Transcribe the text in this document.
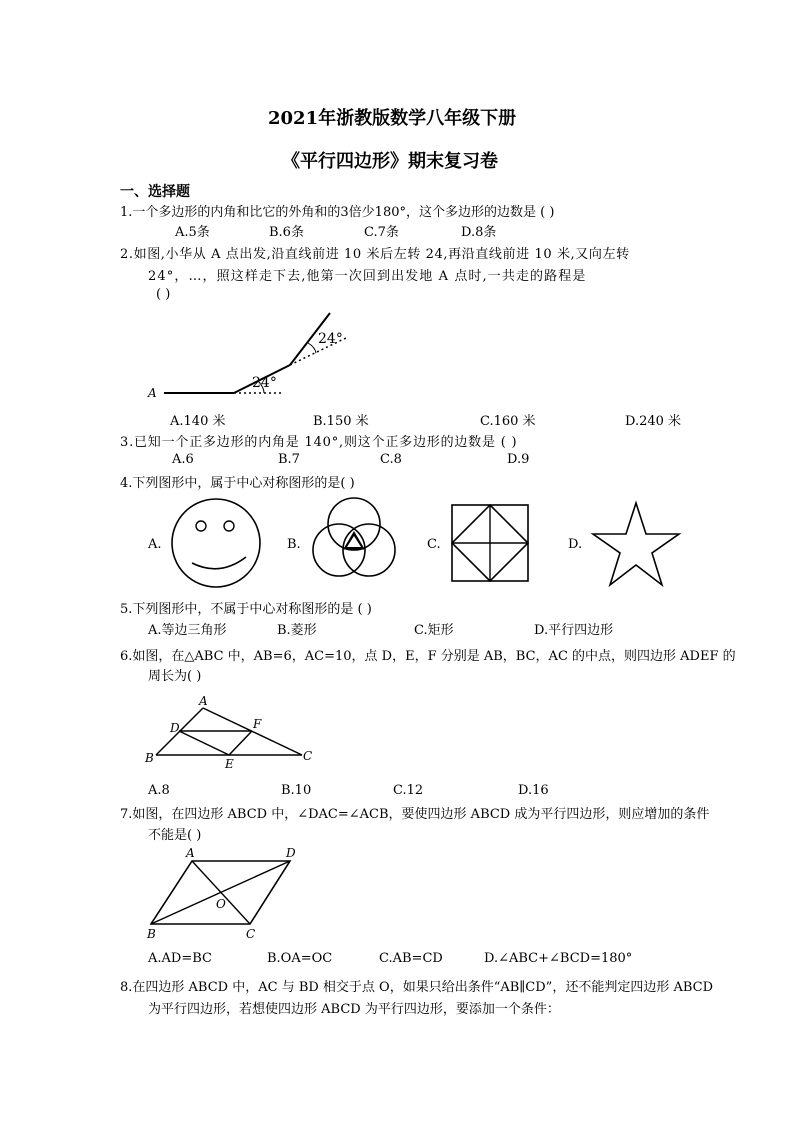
2021年浙教版数学八年级下册
《平行四边形》期末复习卷
一、选择题
1.一个多边形的内角和比它的外角和的3倍少180°，这个多边形的边数是 ( )
A.5条	B.6条	C.7条	D.8条
2.如图,小华从 A 点出发,沿直线前进 10 米后左转 24,再沿直线前进 10 米,又向左转
24°，…，照这样走下去,他第一次回到出发地 A 点时,一共走的路程是
( )
A
24°
24°
A.140 米	B.150 米	C.160 米	D.240 米
3.已知一个正多边形的内角是 140°,则这个正多边形的边数是 ( )
A.6	B.7	C.8	D.9
4.下列图形中，属于中心对称图形的是( )
A.	B.	C.	D.
5.下列图形中，不属于中心对称图形的是 ( )
A.等边三角形	B.菱形	C.矩形	D.平行四边形
6.如图，在△ABC 中，AB=6，AC=10，点 D，E，F 分别是 AB，BC，AC 的中点，则四边形 ADEF 的
周长为( )
A
B	C
D
E
F
A.8	B.10	C.12	D.16
7.如图，在四边形 ABCD 中，∠DAC=∠ACB，要使四边形 ABCD 成为平行四边形，则应增加的条件
不能是( )
A	D
B	C
O
A.AD=BC	B.OA=OC	C.AB=CD	D.∠ABC+∠BCD=180°
8.在四边形 ABCD 中，AC 与 BD 相交于点 O，如果只给出条件“AB∥CD”，还不能判定四边形 ABCD
为平行四边形，若想使四边形 ABCD 为平行四边形，要添加一个条件：
